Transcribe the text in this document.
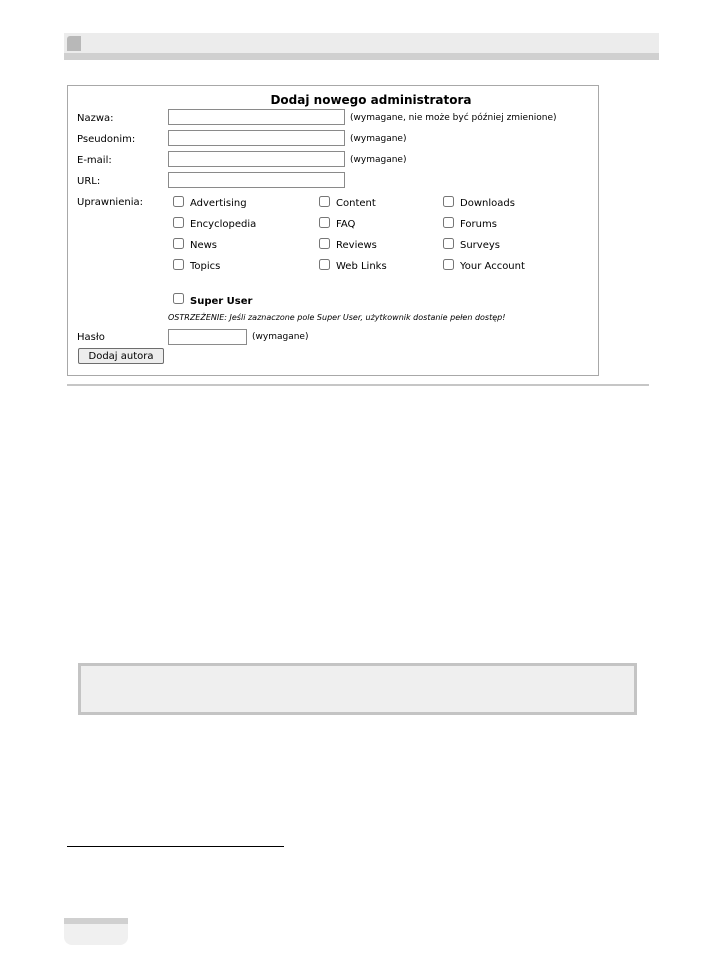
Dodaj nowego administratora
Nazwa:	(wymagane, nie może być później zmienione)
Pseudonim:	(wymagane)
E-mail:	(wymagane)
URL:
Uprawnienia:	Advertising	Content	Downloads
Encyclopedia	FAQ	Forums
News	Reviews	Surveys
Topics	Web Links	Your Account
Super User
OSTRZEŻENIE: Jeśli zaznaczone pole Super User, użytkownik dostanie pełen dostęp!
Hasło	(wymagane)
Dodaj autora
